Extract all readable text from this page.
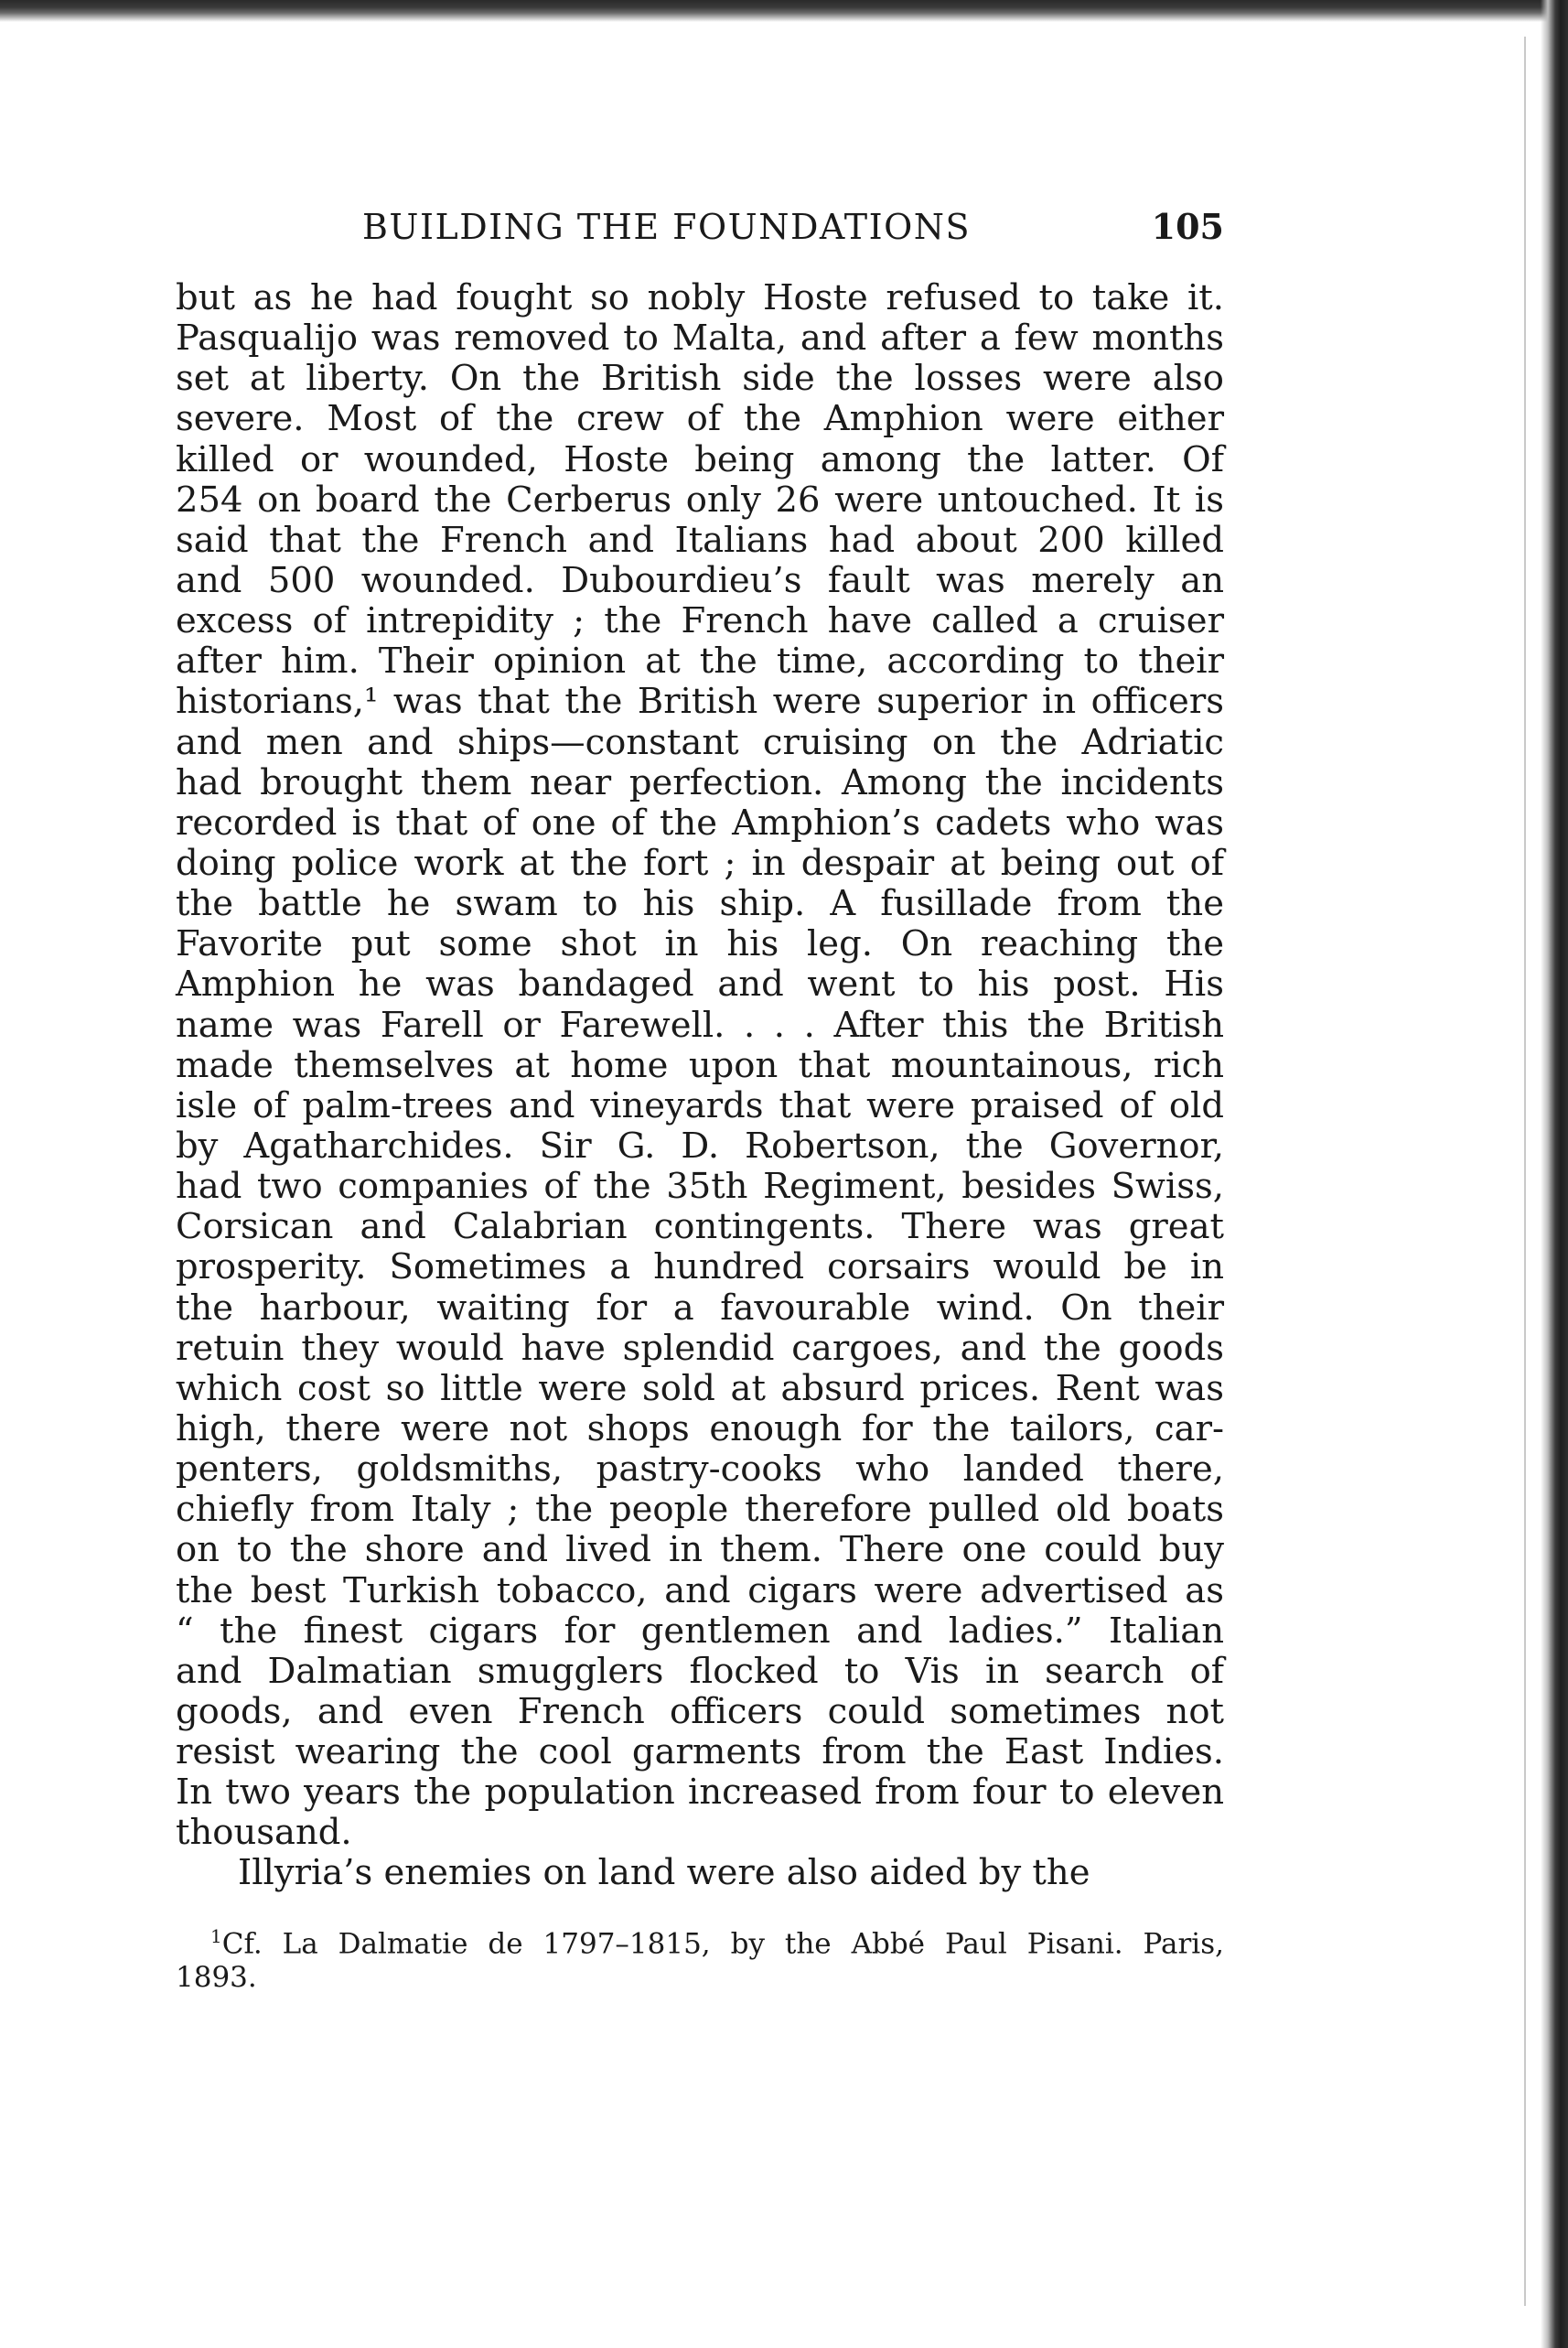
BUILDING THE FOUNDATIONS	105
but as he had fought so nobly Hoste refused to take it.
Pasqualijo was removed to Malta, and after a few months
set at liberty. On the British side the losses were also
severe. Most of the crew of the Amphion were either
killed or wounded, Hoste being among the latter. Of
254 on board the Cerberus only 26 were untouched. It is
said that the French and Italians had about 200 killed
and 500 wounded. Dubourdieu’s fault was merely an
excess of intrepidity ; the French have called a cruiser
after him. Their opinion at the time, according to their
historians,¹ was that the British were superior in officers
and men and ships—constant cruising on the Adriatic
had brought them near perfection. Among the incidents
recorded is that of one of the Amphion’s cadets who was
doing police work at the fort ; in despair at being out of
the battle he swam to his ship. A fusillade from the
Favorite put some shot in his leg. On reaching the
Amphion he was bandaged and went to his post. His
name was Farell or Farewell. . . . After this the British
made themselves at home upon that mountainous, rich
isle of palm-trees and vineyards that were praised of old
by Agatharchides. Sir G. D. Robertson, the Governor,
had two companies of the 35th Regiment, besides Swiss,
Corsican and Calabrian contingents. There was great
prosperity. Sometimes a hundred corsairs would be in
the harbour, waiting for a favourable wind. On their
retuin they would have splendid cargoes, and the goods
which cost so little were sold at absurd prices. Rent was
high, there were not shops enough for the tailors, car-
penters, goldsmiths, pastry-cooks who landed there,
chiefly from Italy ; the people therefore pulled old boats
on to the shore and lived in them. There one could buy
the best Turkish tobacco, and cigars were advertised as
“ the finest cigars for gentlemen and ladies.” Italian
and Dalmatian smugglers flocked to Vis in search of
goods, and even French officers could sometimes not
resist wearing the cool garments from the East Indies.
In two years the population increased from four to eleven
thousand.
Illyria’s enemies on land were also aided by the
$^1$Cf. La Dalmatie de 1797–1815, by the Abbé Paul Pisani. Paris,
1893.
